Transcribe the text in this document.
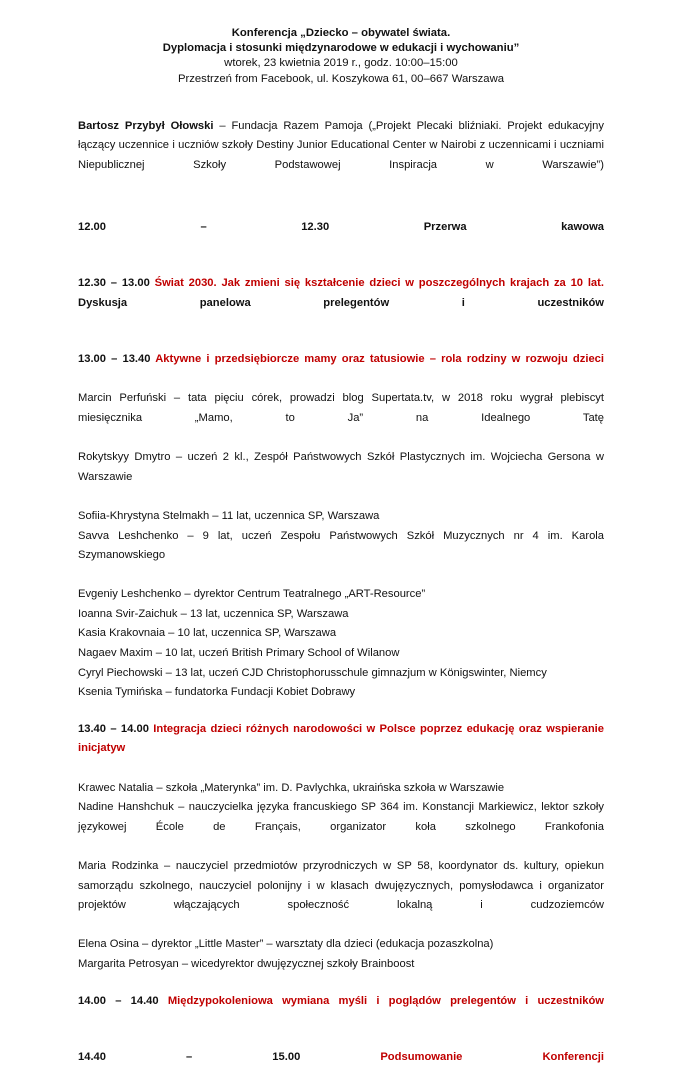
Konferencja „Dziecko – obywatel świata.
Dyplomacja i stosunki międzynarodowe w edukacji i wychowaniu”
wtorek, 23 kwietnia 2019 r., godz. 10:00–15:00
Przestrzeń from Facebook, ul. Koszykowa 61, 00–667 Warszawa

Bartosz Przybył Ołowski – Fundacja Razem Pamoja („Projekt Plecaki bliźniaki. Projekt edukacyjny łączący uczennice i uczniów szkoły Destiny Junior Educational Center w Nairobi z uczennicami i uczniami Niepublicznej Szkoły Podstawowej Inspiracja w Warszawie”)

12.00 – 12.30 Przerwa kawowa

12.30 – 13.00 Świat 2030. Jak zmieni się kształcenie dzieci w poszczególnych krajach za 10 lat. Dyskusja panelowa prelegentów i uczestników

13.00 – 13.40 Aktywne i przedsiębiorcze mamy oraz tatusiowie – rola rodziny w rozwoju dzieci

Marcin Perfuński – tata pięciu córek, prowadzi blog Supertata.tv, w 2018 roku wygrał plebiscyt miesięcznika „Mamo, to Ja” na Idealnego Tatę

Rokytskyy Dmytro – uczeń 2 kl., Zespół Państwowych Szkół Plastycznych im. Wojciecha Gersona w Warszawie

Sofiia-Khrystyna Stelmakh – 11 lat, uczennica SP, Warszawa

Savva Leshchenko – 9 lat, uczeń Zespołu Państwowych Szkół Muzycznych nr 4 im. Karola Szymanowskiego

Evgeniy Leshchenko – dyrektor Centrum Teatralnego „ART-Resource”

Ioanna Svir-Zaichuk – 13 lat, uczennica SP, Warszawa

Kasia Krakovnaia – 10 lat, uczennica SP, Warszawa

Nagaev Maxim – 10 lat, uczeń British Primary School of Wilanow

Cyryl Piechowski – 13 lat, uczeń CJD Christophorusschule gimnazjum w Königswinter, Niemcy

Ksenia Tymińska – fundatorka Fundacji Kobiet Dobrawy

13.40 – 14.00 Integracja dzieci różnych narodowości w Polsce poprzez edukację oraz wspieranie inicjatyw

Krawec Natalia – szkoła „Materynka” im. D. Pavlychka, ukraińska szkoła w Warszawie

Nadine Hanshchuk – nauczycielka języka francuskiego SP 364 im. Konstancji Markiewicz, lektor szkoły językowej École de Français, organizator koła szkolnego Frankofonia

Maria Rodzinka – nauczyciel przedmiotów przyrodniczych w SP 58, koordynator ds. kultury, opiekun samorządu szkolnego, nauczyciel polonijny i w klasach dwujęzycznych, pomysłodawca i organizator projektów włączających społeczność lokalną i cudzoziemców

Elena Osina – dyrektor „Little Master” – warsztaty dla dzieci (edukacja pozaszkolna)

Margarita Petrosyan – wicedyrektor dwujęzycznej szkoły Brainboost

14.00 – 14.40 Międzypokoleniowa wymiana myśli i poglądów prelegentów i uczestników

14.40 – 15.00 Podsumowanie Konferencji
